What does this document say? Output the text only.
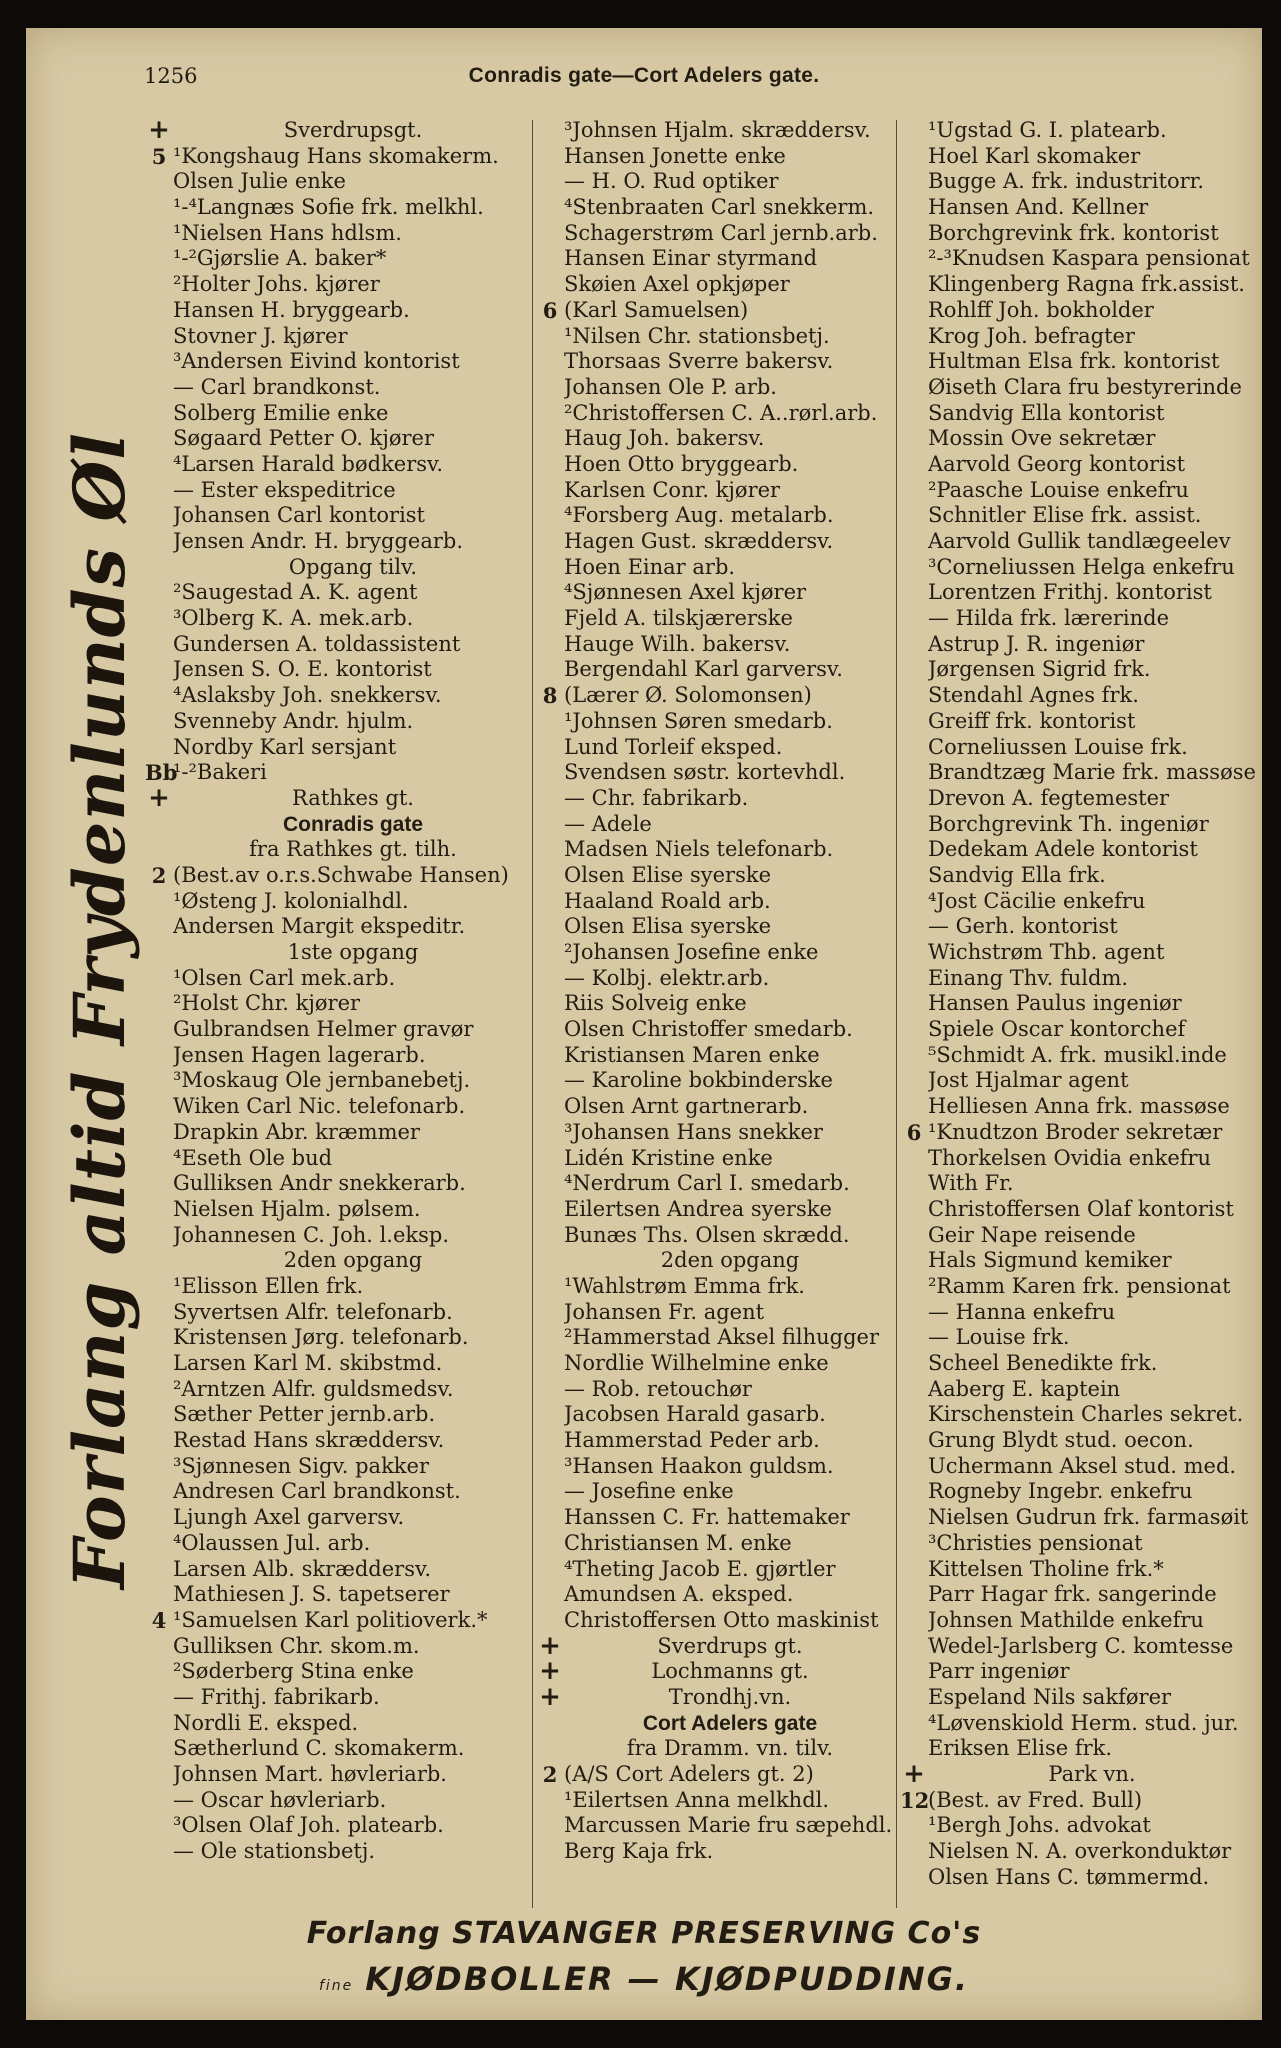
1256	Conradis gate—Cort Adelers gate.
Forlang altid Frydenlunds Øl
+	Sverdrupsgt.
5 ¹Kongshaug Hans skomakerm.
Olsen Julie enke
¹-⁴Langnæs Sofie frk. melkhl.
¹Nielsen Hans hdlsm.
¹-²Gjørslie A. baker*
²Holter Johs. kjører
Hansen H. bryggearb.
Stovner J. kjører
³Andersen Eivind kontorist
— Carl brandkonst.
Solberg Emilie enke
Søgaard Petter O. kjører
⁴Larsen Harald bødkersv.
— Ester ekspeditrice
Johansen Carl kontorist
Jensen Andr. H. bryggearb.
Opgang tilv.
²Saugestad A. K. agent
³Olberg K. A. mek.arb.
Gundersen A. toldassistent
Jensen S. O. E. kontorist
⁴Aslaksby Joh. snekkersv.
Svenneby Andr. hjulm.
Nordby Karl sersjant
Bb
¹-²Bakeri
+	Rathkes gt.
Conradis gate
fra Rathkes gt. tilh.
2 (Best.av o.r.s.Schwabe Hansen)
¹Østeng J. kolonialhdl.
Andersen Margit ekspeditr.
1ste opgang
¹Olsen Carl mek.arb.
²Holst Chr. kjører
Gulbrandsen Helmer gravør
Jensen Hagen lagerarb.
³Moskaug Ole jernbanebetj.
Wiken Carl Nic. telefonarb.
Drapkin Abr. kræmmer
⁴Eseth Ole bud
Gulliksen Andr snekkerarb.
Nielsen Hjalm. pølsem.
Johannesen C. Joh. l.eksp.
2den opgang
¹Elisson Ellen frk.
Syvertsen Alfr. telefonarb.
Kristensen Jørg. telefonarb.
Larsen Karl M. skibstmd.
²Arntzen Alfr. guldsmedsv.
Sæther Petter jernb.arb.
Restad Hans skræddersv.
³Sjønnesen Sigv. pakker
Andresen Carl brandkonst.
Ljungh Axel garversv.
⁴Olaussen Jul. arb.
Larsen Alb. skræddersv.
Mathiesen J. S. tapetserer
4 ¹Samuelsen Karl politioverk.*
Gulliksen Chr. skom.m.
²Søderberg Stina enke
— Frithj. fabrikarb.
Nordli E. eksped.
Sætherlund C. skomakerm.
Johnsen Mart. høvleriarb.
— Oscar høvleriarb.
³Olsen Olaf Joh. platearb.
— Ole stationsbetj.
³Johnsen Hjalm. skræddersv.
Hansen Jonette enke
— H. O. Rud optiker
⁴Stenbraaten Carl snekkerm.
Schagerstrøm Carl jernb.arb.
Hansen Einar styrmand
Skøien Axel opkjøper
6 (Karl Samuelsen)
¹Nilsen Chr. stationsbetj.
Thorsaas Sverre bakersv.
Johansen Ole P. arb.
²Christoffersen C. A..rørl.arb.
Haug Joh. bakersv.
Hoen Otto bryggearb.
Karlsen Conr. kjører
⁴Forsberg Aug. metalarb.
Hagen Gust. skræddersv.
Hoen Einar arb.
⁴Sjønnesen Axel kjører
Fjeld A. tilskjærerske
Hauge Wilh. bakersv.
Bergendahl Karl garversv.
8 (Lærer Ø. Solomonsen)
¹Johnsen Søren smedarb.
Lund Torleif eksped.
Svendsen søstr. kortevhdl.
— Chr. fabrikarb.
— Adele
Madsen Niels telefonarb.
Olsen Elise syerske
Haaland Roald arb.
Olsen Elisa syerske
²Johansen Josefine enke
— Kolbj. elektr.arb.
Riis Solveig enke
Olsen Christoffer smedarb.
Kristiansen Maren enke
— Karoline bokbinderske
Olsen Arnt gartnerarb.
³Johansen Hans snekker
Lidén Kristine enke
⁴Nerdrum Carl I. smedarb.
Eilertsen Andrea syerske
Bunæs Ths. Olsen skrædd.
2den opgang
¹Wahlstrøm Emma frk.
Johansen Fr. agent
²Hammerstad Aksel filhugger
Nordlie Wilhelmine enke
— Rob. retouchør
Jacobsen Harald gasarb.
Hammerstad Peder arb.
³Hansen Haakon guldsm.
— Josefine enke
Hanssen C. Fr. hattemaker
Christiansen M. enke
⁴Theting Jacob E. gjørtler
Amundsen A. eksped.
Christoffersen Otto maskinist
+	Sverdrups gt.
+	Lochmanns gt.
+	Trondhj.vn.
Cort Adelers gate
fra Dramm. vn. tilv.
2 (A/S Cort Adelers gt. 2)
¹Eilertsen Anna melkhdl.
Marcussen Marie fru sæpehdl.
Berg Kaja frk.
¹Ugstad G. I. platearb.
Hoel Karl skomaker
Bugge A. frk. industritorr.
Hansen And. Kellner
Borchgrevink frk. kontorist
²-³Knudsen Kaspara pensionat
Klingenberg Ragna frk.assist.
Rohlff Joh. bokholder
Krog Joh. befragter
Hultman Elsa frk. kontorist
Øiseth Clara fru bestyrerinde
Sandvig Ella kontorist
Mossin Ove sekretær
Aarvold Georg kontorist
²Paasche Louise enkefru
Schnitler Elise frk. assist.
Aarvold Gullik tandlægeelev
³Corneliussen Helga enkefru
Lorentzen Frithj. kontorist
— Hilda frk. lærerinde
Astrup J. R. ingeniør
Jørgensen Sigrid frk.
Stendahl Agnes frk.
Greiff frk. kontorist
Corneliussen Louise frk.
Brandtzæg Marie frk. massøse
Drevon A. fegtemester
Borchgrevink Th. ingeniør
Dedekam Adele kontorist
Sandvig Ella frk.
⁴Jost Cäcilie enkefru
— Gerh. kontorist
Wichstrøm Thb. agent
Einang Thv. fuldm.
Hansen Paulus ingeniør
Spiele Oscar kontorchef
⁵Schmidt A. frk. musikl.inde
Jost Hjalmar agent
Helliesen Anna frk. massøse
6 ¹Knudtzon Broder sekretær
Thorkelsen Ovidia enkefru
With Fr.
Christoffersen Olaf kontorist
Geir Nape reisende
Hals Sigmund kemiker
²Ramm Karen frk. pensionat
— Hanna enkefru
— Louise frk.
Scheel Benedikte frk.
Aaberg E. kaptein
Kirschenstein Charles sekret.
Grung Blydt stud. oecon.
Uchermann Aksel stud. med.
Rogneby Ingebr. enkefru
Nielsen Gudrun frk. farmasøit
³Christies pensionat
Kittelsen Tholine frk.*
Parr Hagar frk. sangerinde
Johnsen Mathilde enkefru
Wedel-Jarlsberg C. komtesse
Parr ingeniør
Espeland Nils sakfører
⁴Løvenskiold Herm. stud. jur.
Eriksen Elise frk.
+	Park vn.
12
(Best. av Fred. Bull)
¹Bergh Johs. advokat
Nielsen N. A. overkonduktør
Olsen Hans C. tømmermd.
Forlang STAVANGER PRESERVING Co's
fine KJØDBOLLER — KJØDPUDDING.
